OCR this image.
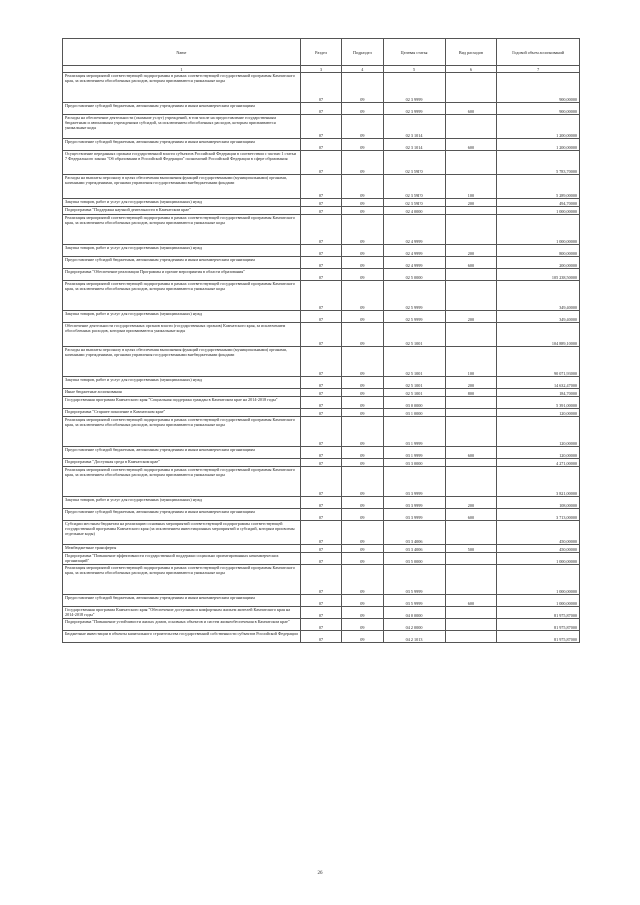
Name	Раздел	Подраздел	Целевая статья	Вид расходов	Годовой объем ассигнований
1	3	4	5	6	7
Реализация мероприятий соответствующей подпрограммы в рамках соответствующей государственной программы Камчатского края, за исключением обособленных расходов, которым присваиваются уникальные коды	07	09	02 3 9999		900,00000
Предоставление субсидий бюджетным, автономным учреждениям и иным некоммерческим организациям	07	09	02 3 9999	600	900,00000
Расходы на обеспечение деятельности (оказание услуг) учреждений, в том числе на предоставление государственным бюджетным и автономным учреждениям субсидий, за исключением обособленных расходов, которым присваиваются уникальные коды	07	09	02 3 1014		1 200,00000
Предоставление субсидий бюджетным, автономным учреждениям и иным некоммерческим организациям	07	09	02 3 1014	600	1 200,00000
Осуществление переданных органам государственной власти субъектов Российской Федерации в соответствии с частью 1 статьи 7 Федерального закона "Об образовании в Российской Федерации" полномочий Российской Федерации в сфере образования	07	09	02 3 59Г0		5 783,70000
Расходы на выплаты персоналу в целях обеспечения выполнения функций государственными (муниципальными) органами, казенными учреждениями, органами управления государственными внебюджетными фондами	07	09	02 3 59Г0	100	5 289,00000
Закупка товаров, работ и услуг для государственных (муниципальных) нужд	07	09	02 3 59Г0	200	494,70000
Подпрограмма "Поддержка научной деятельности в Камчатском крае"	07	09	02 4 0000		1 000,00000
Реализация мероприятий соответствующей подпрограммы в рамках соответствующей государственной программы Камчатского края, за исключением обособленных расходов, которым присваиваются уникальные коды	07	09	02 4 9999		1 000,00000
Закупка товаров, работ и услуг для государственных (муниципальных) нужд	07	09	02 4 9999	200	800,00000
Предоставление субсидий бюджетным, автономным учреждениям и иным некоммерческим организациям	07	09	02 4 9999	600	200,00000
Подпрограмма "Обеспечение реализации Программы и прочие мероприятия в области образования"	07	09	02 5 0000		105 238,50000
Реализация мероприятий соответствующей подпрограммы в рамках соответствующей государственной программы Камчатского края, за исключением обособленных расходов, которым присваиваются уникальные коды	07	09	02 5 9999		349,40000
Закупка товаров, работ и услуг для государственных (муниципальных) нужд	07	09	02 5 9999	200	349,40000
Обеспечение деятельности государственных органов власти (государственных органов) Камчатского края, за исключением обособленных расходов, которым присваиваются уникальные коды	07	09	02 5 1001		104 889,10000
Расходы на выплаты персоналу в целях обеспечения выполнения функций государственными (муниципальными) органами, казенными учреждениями, органами управления государственными внебюджетными фондами	07	09	02 5 1001	100	90 071,93000
Закупка товаров, работ и услуг для государственных (муниципальных) нужд	07	09	02 5 1001	200	14 632,47000
Иные бюджетные ассигнования	07	09	02 5 1001	800	184,70000
Государственная программа Камчатского края "Социальная поддержка граждан в Камчатском крае на 2014-2018 годы"	07	09	03 0 0000		5 391,00000
Подпрограмма "Старшее поколение в Камчатском крае"	07	09	03 1 0000		120,00000
Реализация мероприятий соответствующей подпрограммы в рамках соответствующей государственной программы Камчатского края, за исключением обособленных расходов, которым присваиваются уникальные коды	07	09	03 1 9999		120,00000
Предоставление субсидий бюджетным, автономным учреждениям и иным некоммерческим организациям	07	09	03 1 9999	600	120,00000
Подпрограмма "Доступная среда в Камчатском крае"	07	09	03 3 0000		4 271,00000
Реализация мероприятий соответствующей подпрограммы в рамках соответствующей государственной программы Камчатского края, за исключением обособленных расходов, которым присваиваются уникальные коды	07	09	03 3 9999		3 821,00000
Закупка товаров, работ и услуг для государственных (муниципальных) нужд	07	09	03 3 9999	200	108,00000
Предоставление субсидий бюджетным, автономным учреждениям и иным некоммерческим организациям	07	09	03 3 9999	600	3 713,00000
Субсидии местным бюджетам на реализацию основных мероприятий соответствующей подпрограммы соответствующей государственной программы Камчатского края (за исключением инвестиционных мероприятий и субсидий, которым присвоены отдельные коды)	07	09	03 3 4006		450,00000
Межбюджетные трансферты	07	09	03 3 4006	500	450,00000
Подпрограмма "Повышение эффективности государственной поддержки социально ориентированных некоммерческих организаций"	07	09	03 5 0000		1 000,00000
Реализация мероприятий соответствующей подпрограммы в рамках соответствующей государственной программы Камчатского края, за исключением обособленных расходов, которым присваиваются уникальные коды	07	09	03 5 9999		1 000,00000
Предоставление субсидий бюджетным, автономным учреждениям и иным некоммерческим организациям	07	09	03 5 9999	600	1 000,00000
Государственная программа Камчатского края "Обеспечение доступным и комфортным жильем жителей Камчатского края на 2014-2018 годы"	07	09	04 0 0000		81 975,87000
Подпрограмма "Повышение устойчивости жилых домов, основных объектов и систем жизнеобеспечения в Камчатском крае"	07	09	04 2 0000		81 975,87000
Бюджетные инвестиции в объекты капитального строительства государственной собственности субъектов Российской Федерации	07	09	04 2 1013		81 975,87000
26
